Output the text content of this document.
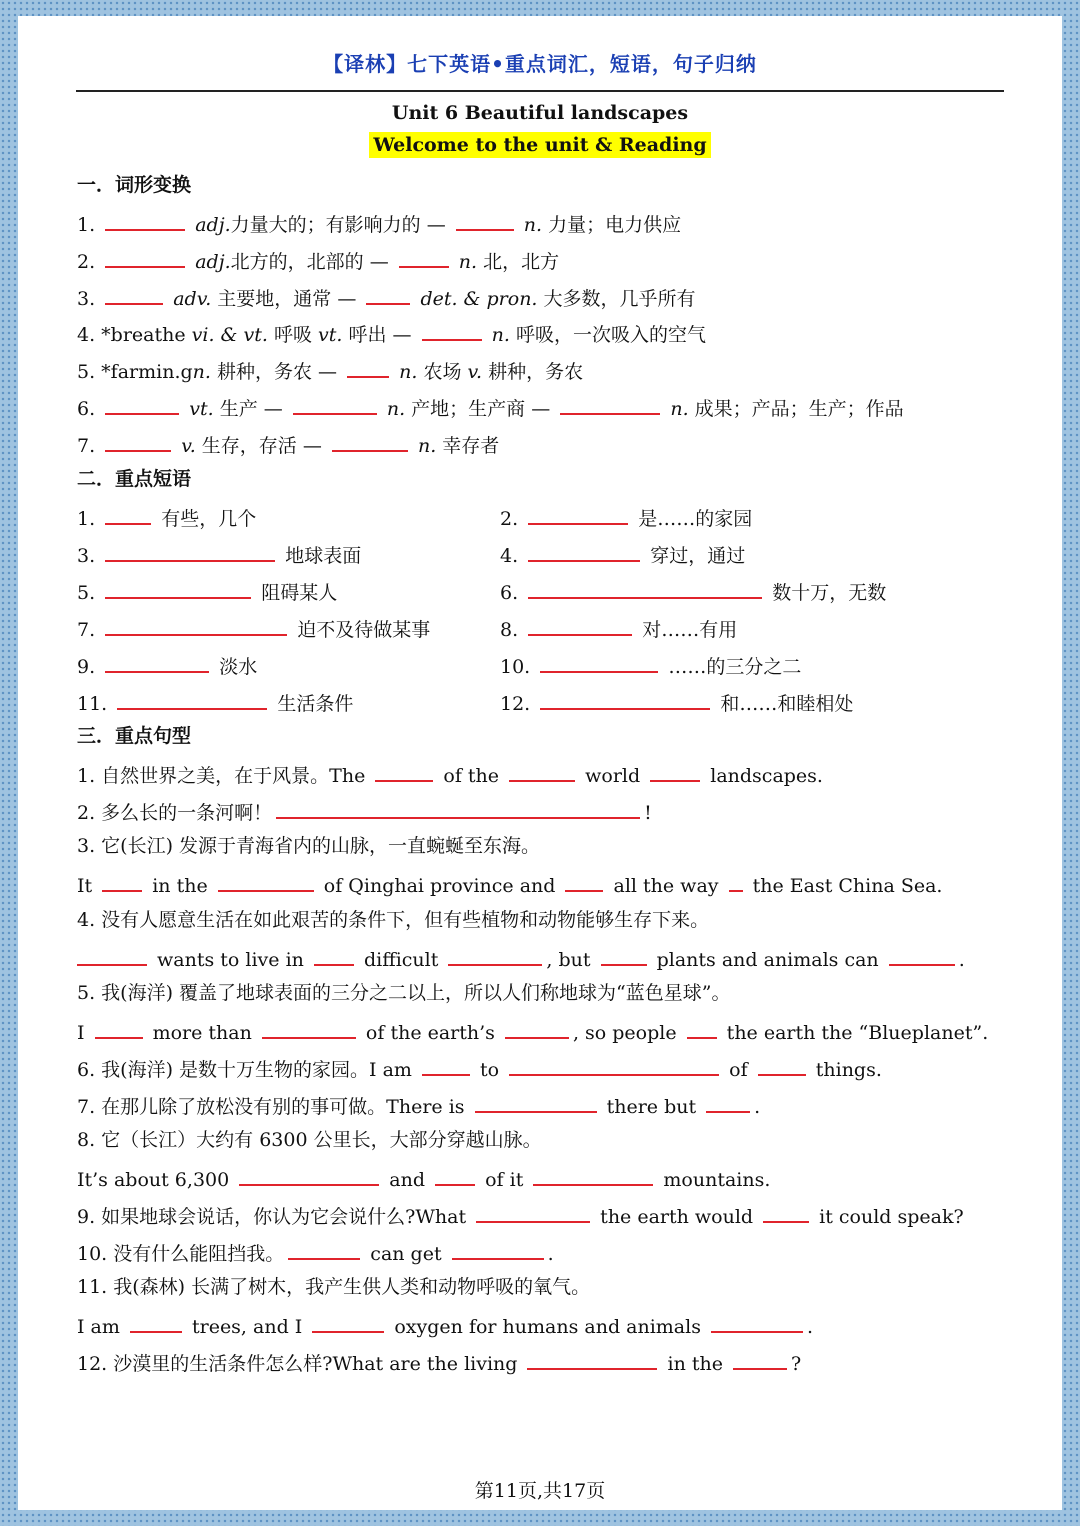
【译林】七下英语•重点词汇，短语，句子归纳
Unit 6 Beautiful landscapes
Welcome to the unit & Reading
一．词形变换
1.	adj.力量大的；有影响力的 —	n. 力量；电力供应
2.	adj.北方的，北部的 —	n. 北，北方
3.	adv. 主要地，通常 —	det. & pron. 大多数，几乎所有
4. *breathe vi. & vt. 呼吸 vt. 呼出 —	n. 呼吸，一次吸入的空气
5. *farmin.gn. 耕种，务农 —	n. 农场 v. 耕种，务农
6.	vt. 生产 —	n. 产地；生产商 —	n. 成果；产品；生产；作品
7.	v. 生存，存活 —	n. 幸存者
二．重点短语
1.	有些，几个	2.	是……的家园
3.	地球表面	4.	穿过，通过
5.	阻碍某人	6.	数十万，无数
7.	迫不及待做某事	8.	对……有用
9.	淡水	10.	……的三分之二
11.	生活条件	12.	和……和睦相处
三．重点句型
1. 自然世界之美，在于风景。The	of the	world	landscapes.
2. 多么长的一条河啊！	!
3. 它(长江) 发源于青海省内的山脉，一直蜿蜒至东海。
It	in the	of Qinghai province and  all the way  the East China Sea.
4. 没有人愿意生活在如此艰苦的条件下，但有些植物和动物能够生存下来。
wants to live in	difficult	, but	plants and animals can	.
5. 我(海洋) 覆盖了地球表面的三分之二以上，所以人们称地球为“蓝色星球”。
I	more than	of the earth’s	, so people  the earth the “Blueplanet”.
6. 我(海洋) 是数十万生物的家园。I am	to	of	things.
7. 在那儿除了放松没有别的事可做。There is	there but	.
8. 它（长江）大约有 6300 公里长，大部分穿越山脉。
It’s about 6,300	and	of it	mountains.
9. 如果地球会说话，你认为它会说什么?What	the earth would	it could speak?
10. 没有什么能阻挡我。	can get	.
11. 我(森林) 长满了树木，我产生供人类和动物呼吸的氧气。
I am	trees, and I	oxygen for humans and animals	.
12. 沙漠里的生活条件怎么样?What are the living	in the	?
第11页,共17页
